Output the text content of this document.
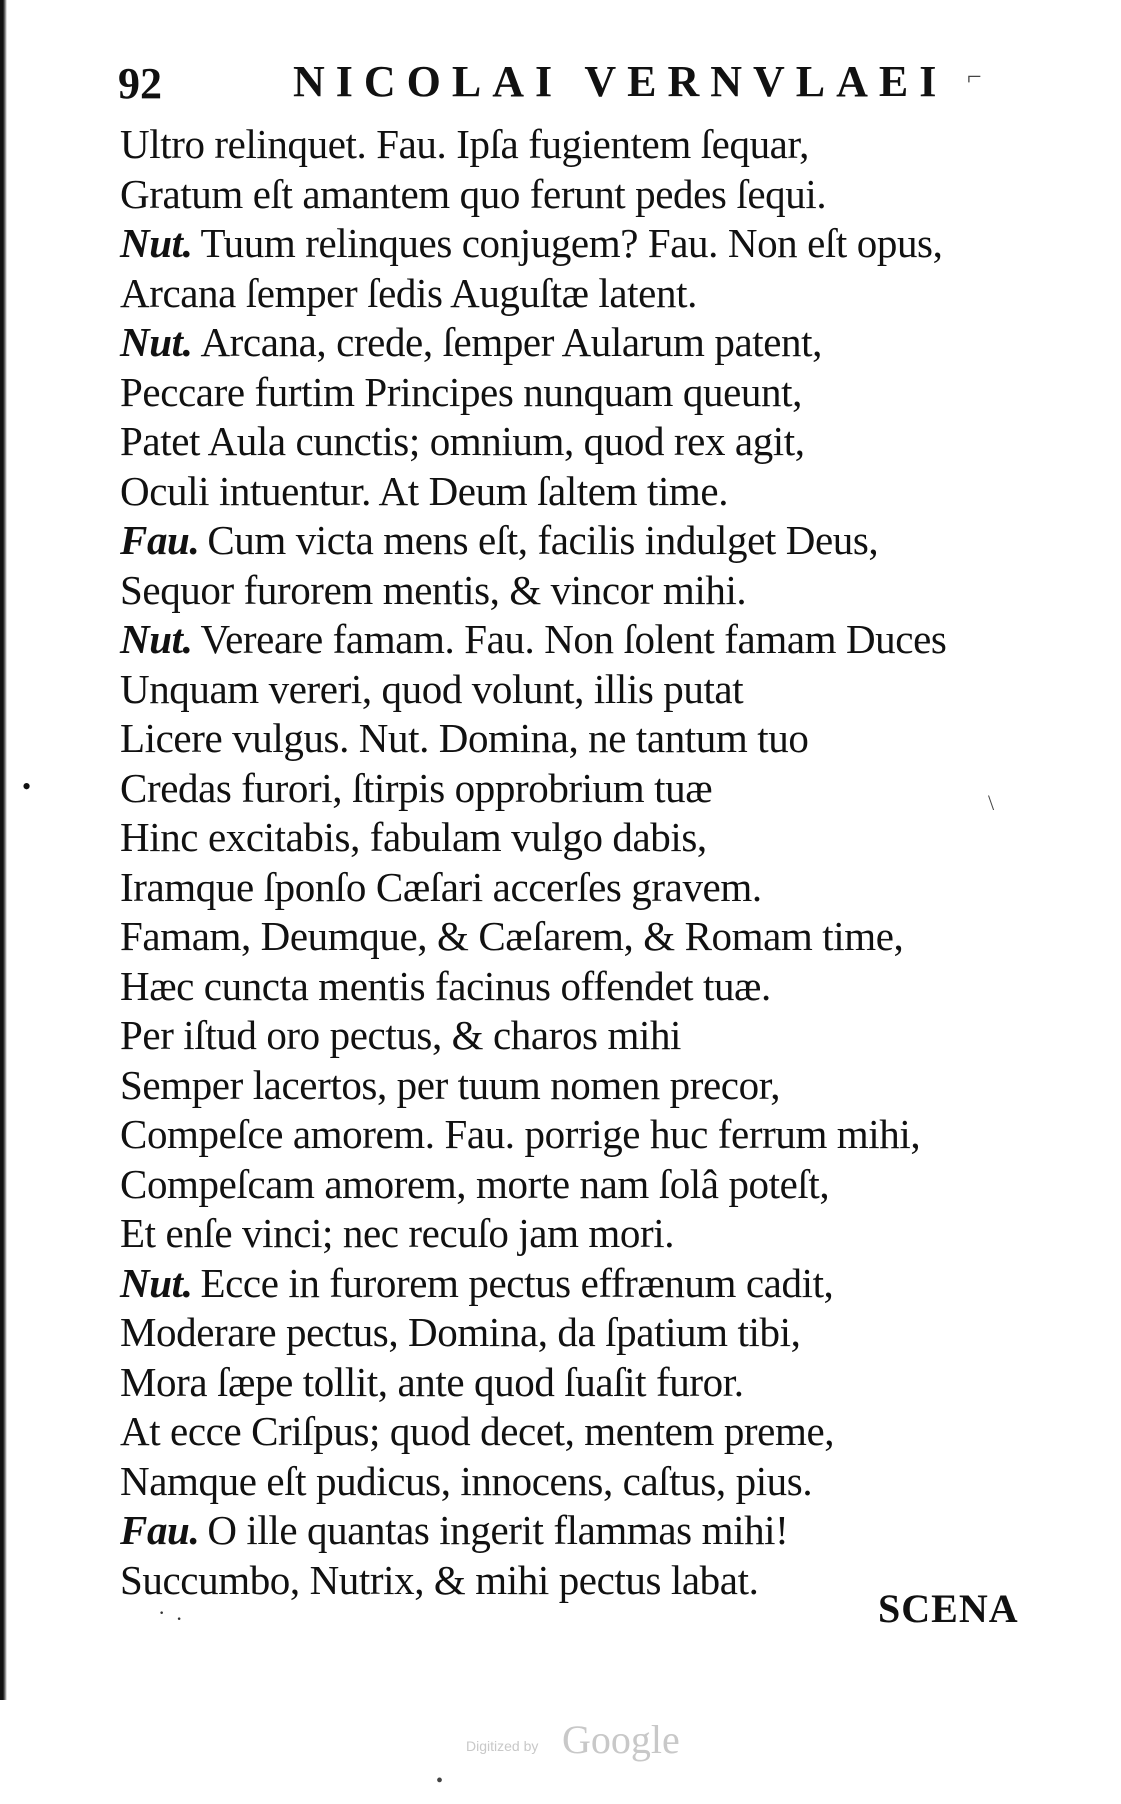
92	NICOLAI VERNVLAEI ⌐
Ultro relinquet. Fau. Ipſa fugientem ſequar,
Gratum eſt amantem quo ferunt pedes ſequi.
Nut. Tuum relinques conjugem? Fau. Non eſt opus,
Arcana ſemper ſedis Auguſtæ latent.
Nut. Arcana, crede, ſemper Aularum patent,
Peccare furtim Principes nunquam queunt,
Patet Aula cunctis; omnium, quod rex agit,
Oculi intuentur. At Deum ſaltem time.
Fau. Cum victa mens eſt, facilis indulget Deus,
Sequor furorem mentis, & vincor mihi.
Nut. Vereare famam. Fau. Non ſolent famam Duces
Unquam vereri, quod volunt, illis putat
Licere vulgus. Nut. Domina, ne tantum tuo
Credas furori, ſtirpis opprobrium tuæ
Hinc excitabis, fabulam vulgo dabis,
Iramque ſponſo Cæſari accerſes gravem.
Famam, Deumque, & Cæſarem, & Romam time,
Hæc cuncta mentis facinus offendet tuæ.
Per iſtud oro pectus, & charos mihi
Semper lacertos, per tuum nomen precor,
Compeſce amorem. Fau. porrige huc ferrum mihi,
Compeſcam amorem, morte nam ſolâ poteſt,
Et enſe vinci; nec recuſo jam mori.
Nut. Ecce in furorem pectus effrænum cadit,
Moderare pectus, Domina, da ſpatium tibi,
Mora ſæpe tollit, ante quod ſuaſit furor.
At ecce Criſpus; quod decet, mentem preme,
Namque eſt pudicus, innocens, caſtus, pius.
Fau. O ille quantas ingerit flammas mihi!
Succumbo, Nutrix, & mihi pectus labat.
•
\
·  .	SCENA
Digitized by Google
•
